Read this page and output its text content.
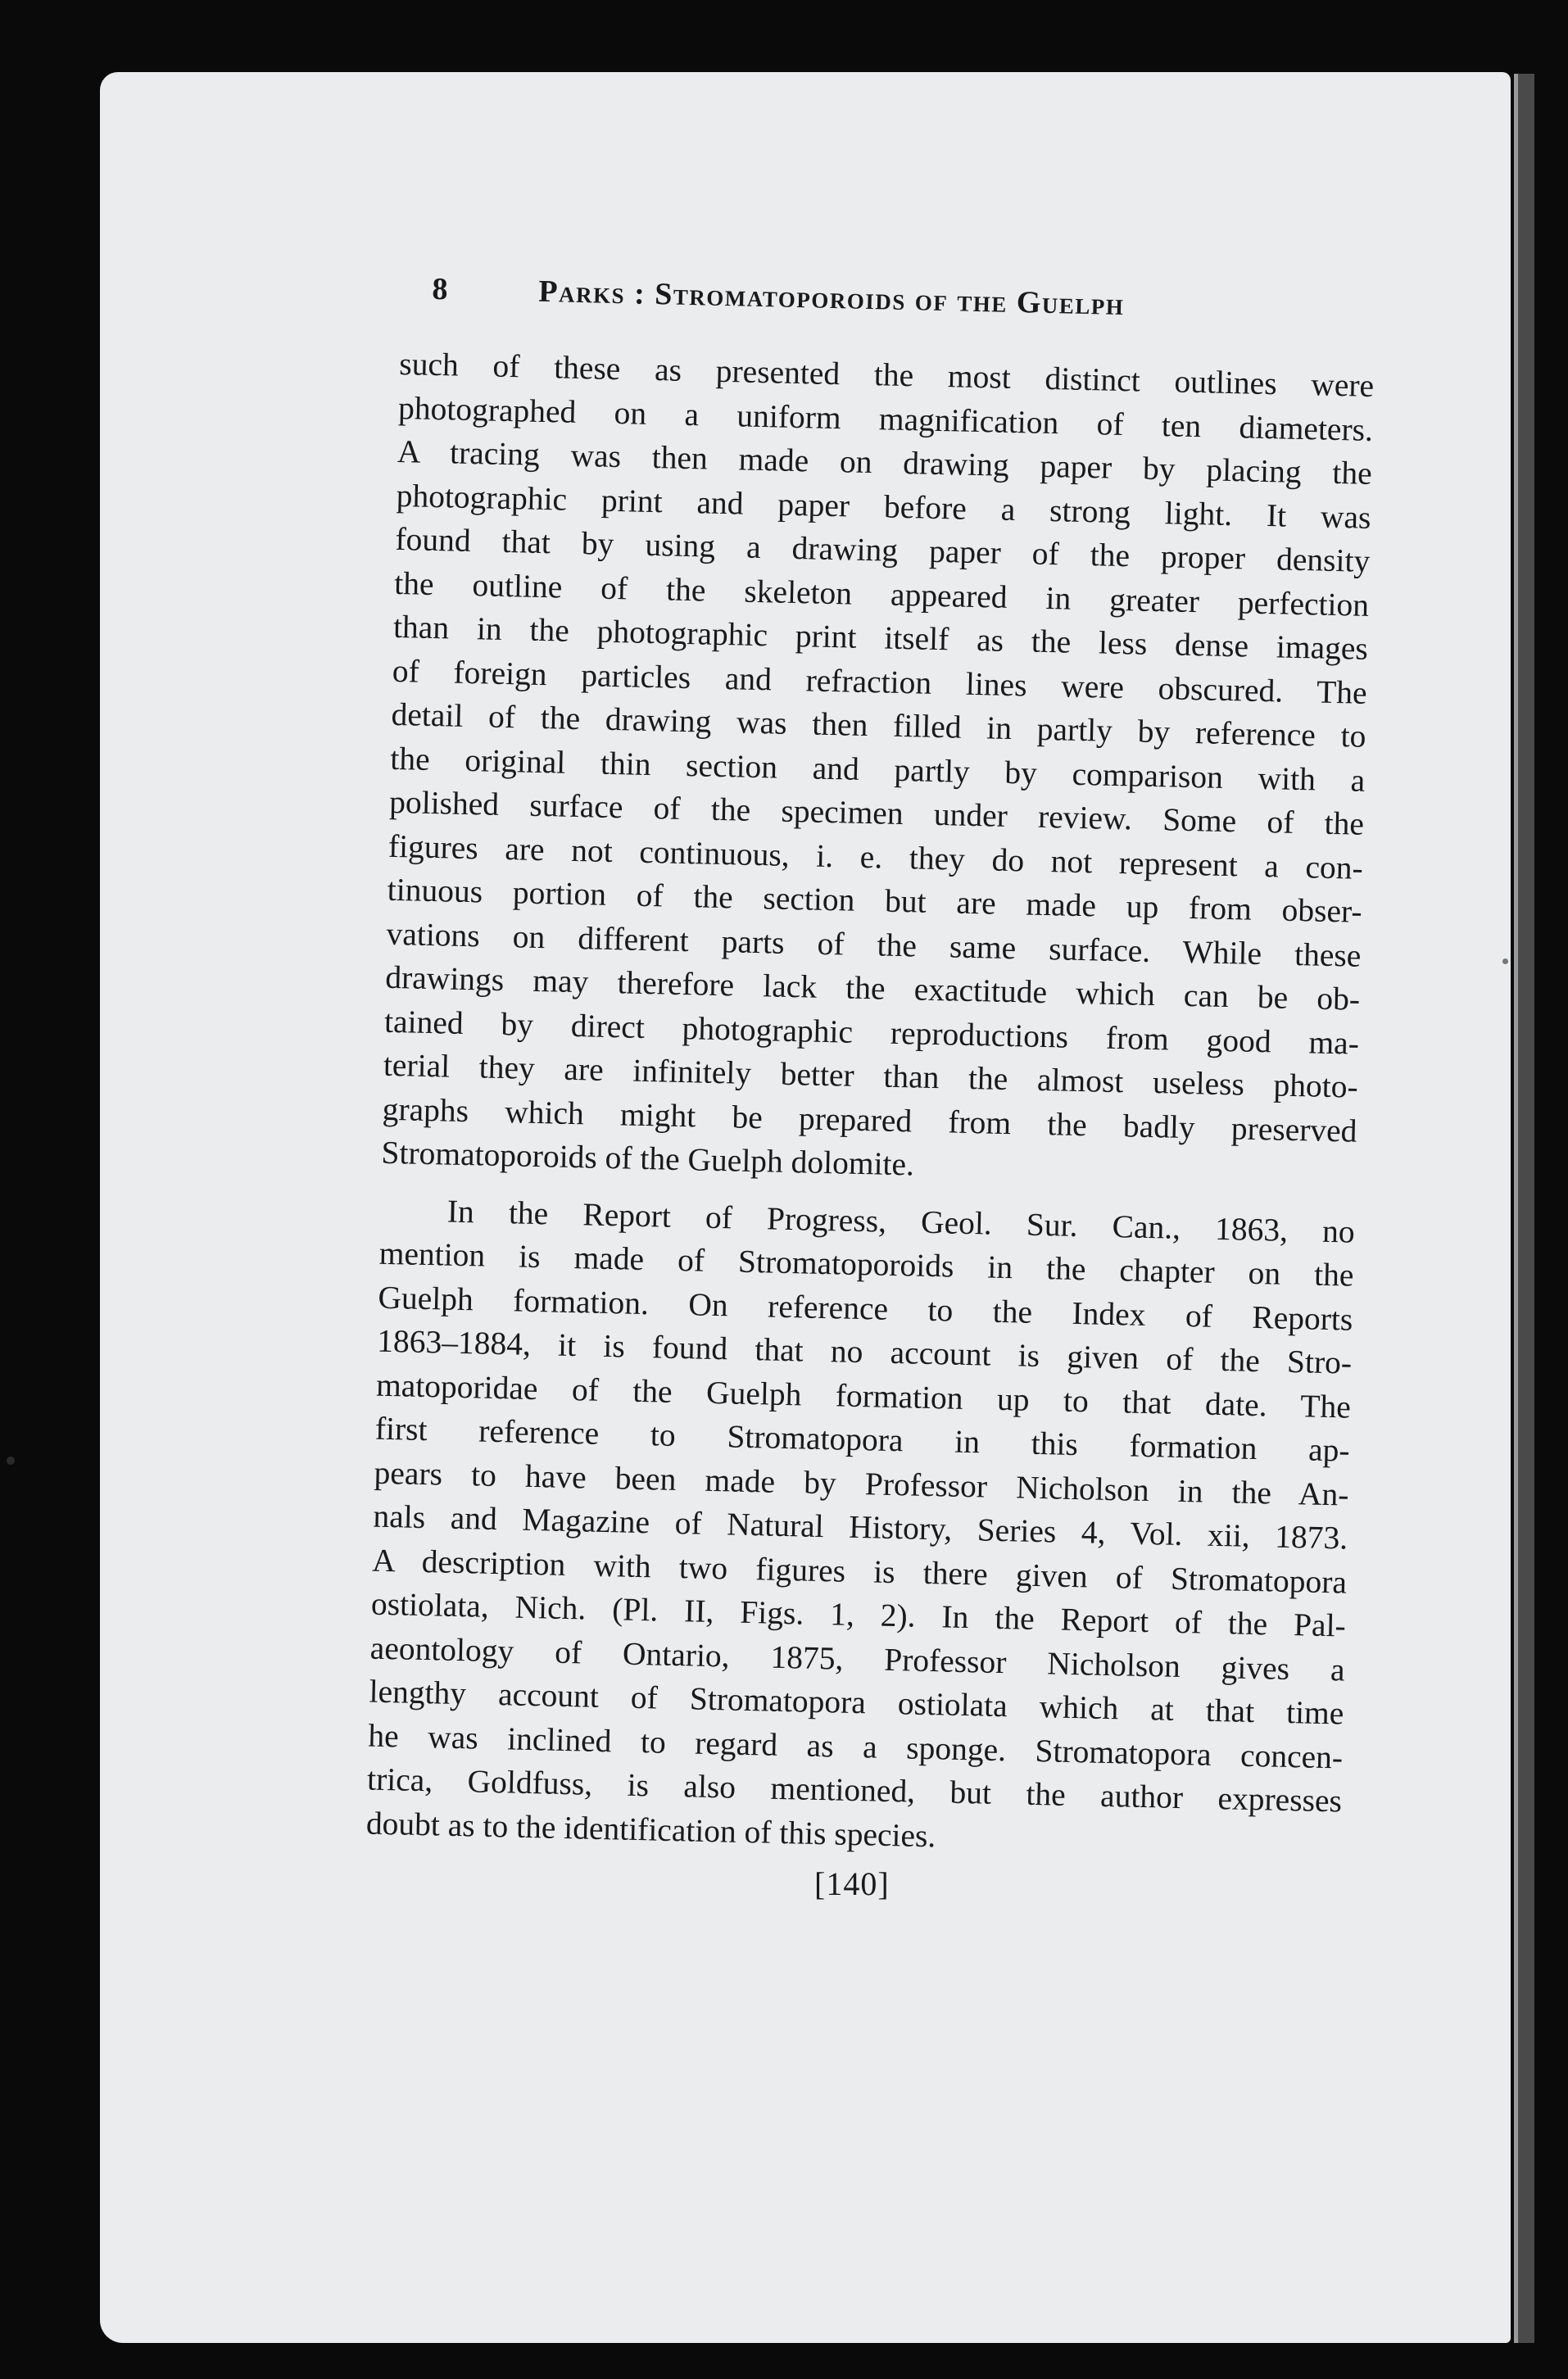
8	Parks : Stromatoporoids of the Guelph

such of these as presented the most distinct outlines were

photographed on a uniform magnification of ten diameters.

A tracing was then made on drawing paper by placing the

photographic print and paper before a strong light. It was

found that by using a drawing paper of the proper density

the outline of the skeleton appeared in greater perfection

than in the photographic print itself as the less dense images

of foreign particles and refraction lines were obscured. The

detail of the drawing was then filled in partly by reference to

the original thin section and partly by comparison with a

polished surface of the specimen under review. Some of the

figures are not continuous, i. e. they do not represent a con-

tinuous portion of the section but are made up from obser-

vations on different parts of the same surface. While these

drawings may therefore lack the exactitude which can be ob-

tained by direct photographic reproductions from good ma-

terial they are infinitely better than the almost useless photo-

graphs which might be prepared from the badly preserved

Stromatoporoids of the Guelph dolomite.

In the Report of Progress, Geol. Sur. Can., 1863, no

mention is made of Stromatoporoids in the chapter on the

Guelph formation. On reference to the Index of Reports

1863–1884, it is found that no account is given of the Stro-

matoporidae of the Guelph formation up to that date. The

first reference to Stromatopora in this formation ap-

pears to have been made by Professor Nicholson in the An-

nals and Magazine of Natural History, Series 4, Vol. xii, 1873.

A description with two figures is there given of Stromatopora

ostiolata, Nich. (Pl. II, Figs. 1, 2). In the Report of the Pal-

aeontology of Ontario, 1875, Professor Nicholson gives a

lengthy account of Stromatopora ostiolata which at that time

he was inclined to regard as a sponge. Stromatopora concen-

trica, Goldfuss, is also mentioned, but the author expresses

doubt as to the identification of this species.

[140]
